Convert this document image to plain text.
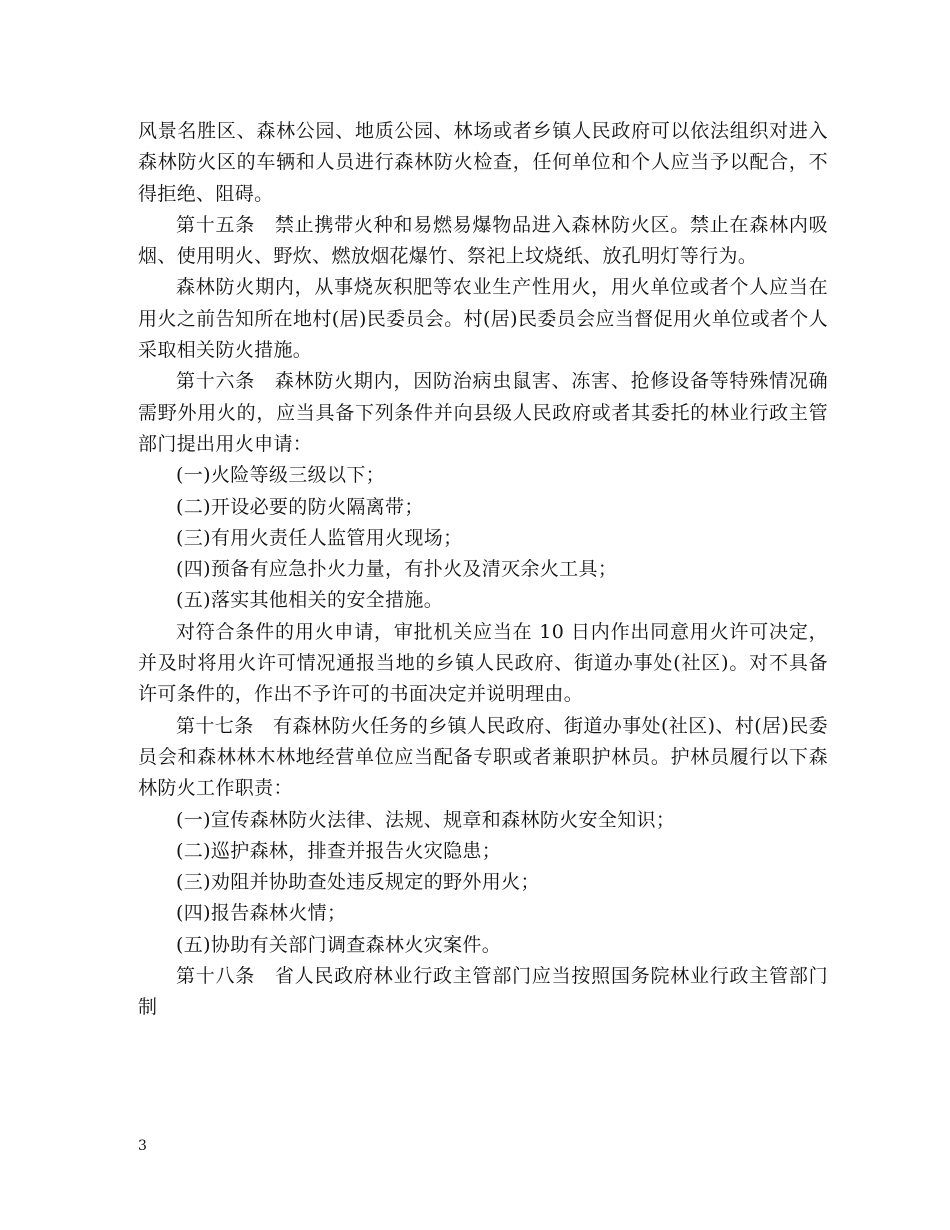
风景名胜区、森林公园、地质公园、林场或者乡镇人民政府可以依法组织对进入森林防火区的车辆和人员进行森林防火检查，任何单位和个人应当予以配合，不得拒绝、阻碍。

第十五条　禁止携带火种和易燃易爆物品进入森林防火区。禁止在森林内吸烟、使用明火、野炊、燃放烟花爆竹、祭祀上坟烧纸、放孔明灯等行为。

森林防火期内，从事烧灰积肥等农业生产性用火，用火单位或者个人应当在用火之前告知所在地村(居)民委员会。村(居)民委员会应当督促用火单位或者个人采取相关防火措施。

第十六条　森林防火期内，因防治病虫鼠害、冻害、抢修设备等特殊情况确需野外用火的，应当具备下列条件并向县级人民政府或者其委托的林业行政主管部门提出用火申请：

(一)火险等级三级以下；

(二)开设必要的防火隔离带；

(三)有用火责任人监管用火现场；

(四)预备有应急扑火力量，有扑火及清灭余火工具；

(五)落实其他相关的安全措施。

对符合条件的用火申请，审批机关应当在 10 日内作出同意用火许可决定，并及时将用火许可情况通报当地的乡镇人民政府、街道办事处(社区)。对不具备许可条件的，作出不予许可的书面决定并说明理由。

第十七条　有森林防火任务的乡镇人民政府、街道办事处(社区)、村(居)民委员会和森林林木林地经营单位应当配备专职或者兼职护林员。护林员履行以下森林防火工作职责：

(一)宣传森林防火法律、法规、规章和森林防火安全知识；

(二)巡护森林，排查并报告火灾隐患；

(三)劝阻并协助查处违反规定的野外用火；

(四)报告森林火情；

(五)协助有关部门调查森林火灾案件。

第十八条　省人民政府林业行政主管部门应当按照国务院林业行政主管部门制

3
